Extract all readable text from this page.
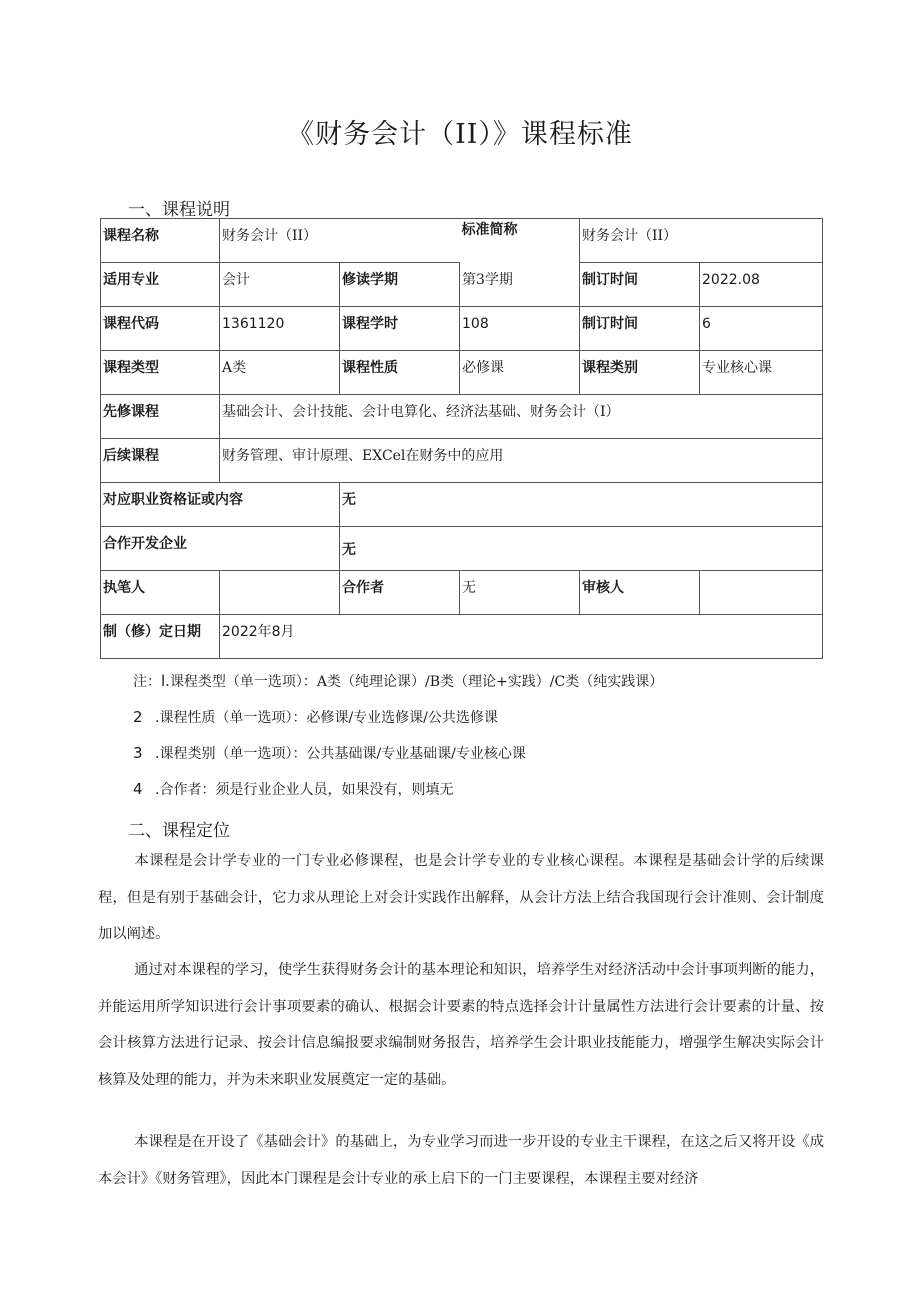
《财务会计（II）》课程标准
一、课程说明
课程名称	财务会计（II）		标准简称	财务会计（II）	
适用专业	会计	修读学期	第3学期	制订时间	2022.08
课程代码	1361120	课程学时	108	制订时间	6
课程类型	A类	课程性质	必修课	课程类别	专业核心课
先修课程	基础会计、会计技能、会计电算化、经济法基础、财务会计（I）				
后续课程	财务管理、审计原理、EXCel在财务中的应用				
对应职业资格证或内容		无			
合作开发企业		无			
执笔人		合作者	无	审核人	
制（修）定日期	2022年8月				
注：l.课程类型（单一选项）：A类（纯理论课）/B类（理论+实践）/C类（纯实践课）
2 .课程性质（单一选项）：必修课/专业选修课/公共选修课
3 .课程类别（单一选项）：公共基础课/专业基础课/专业核心课
4 .合作者：须是行业企业人员，如果没有，则填无
二、课程定位
本课程是会计学专业的一门专业必修课程，也是会计学专业的专业核心课程。本课程是基础会计学的后续课程，但是有别于基础会计，它力求从理论上对会计实践作出解释，从会计方法上结合我国现行会计准则、会计制度加以阐述。
通过对本课程的学习，使学生获得财务会计的基本理论和知识，培养学生对经济活动中会计事项判断的能力，并能运用所学知识进行会计事项要素的确认、根据会计要素的特点选择会计计量属性方法进行会计要素的计量、按会计核算方法进行记录、按会计信息编报要求编制财务报告，培养学生会计职业技能能力，增强学生解决实际会计核算及处理的能力，并为未来职业发展奠定一定的基础。
本课程是在开设了《基础会计》的基础上，为专业学习而进一步开设的专业主干课程，在这之后又将开设《成本会计》《财务管理》，因此本门课程是会计专业的承上启下的一门主要课程，本课程主要对经济
